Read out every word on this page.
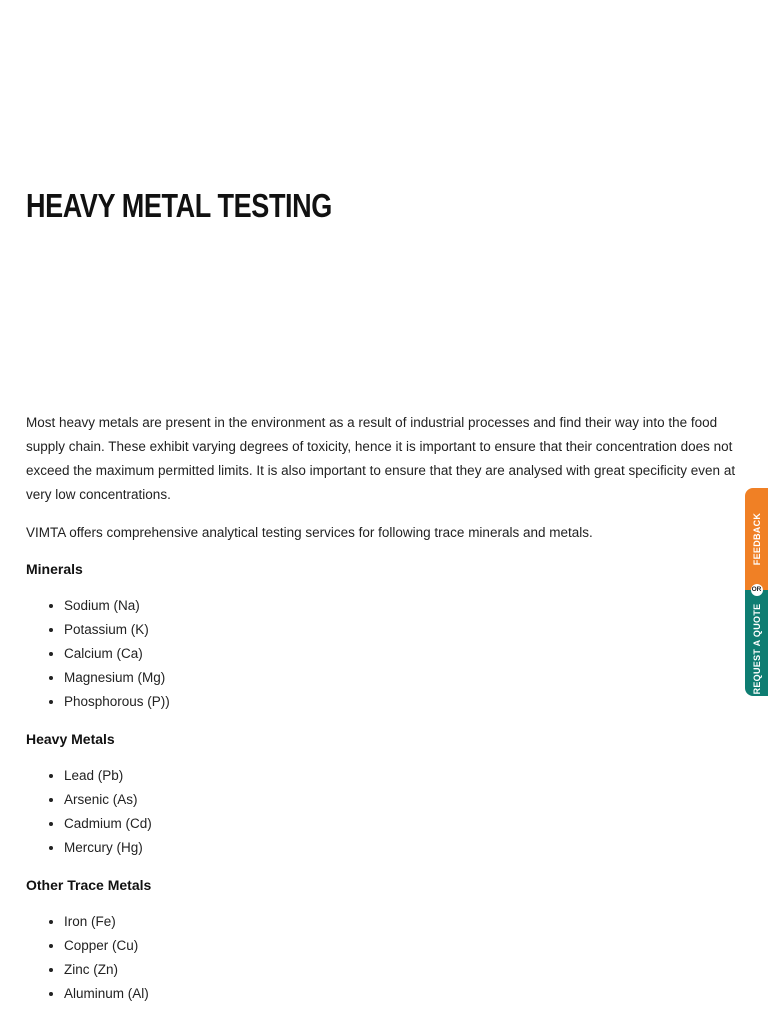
HEAVY METAL TESTING

Most heavy metals are present in the environment as a result of industrial processes and find their way into the food supply chain. These exhibit varying degrees of toxicity, hence it is important to ensure that their concentration does not exceed the maximum permitted limits. It is also important to ensure that they are analysed with great specificity even at very low concentrations.

VIMTA offers comprehensive analytical testing services for following trace minerals and metals.

Minerals
• Sodium (Na)
• Potassium (K)
• Calcium (Ca)
• Magnesium (Mg)
• Phosphorous (P))
Heavy Metals
• Lead (Pb)
• Arsenic (As)
• Cadmium (Cd)
• Mercury (Hg)
Other Trace Metals
• Iron (Fe)
• Copper (Cu)
• Zinc (Zn)
• Aluminum (Al)
FEEDBACK
OR
REQUEST A QUOTE
